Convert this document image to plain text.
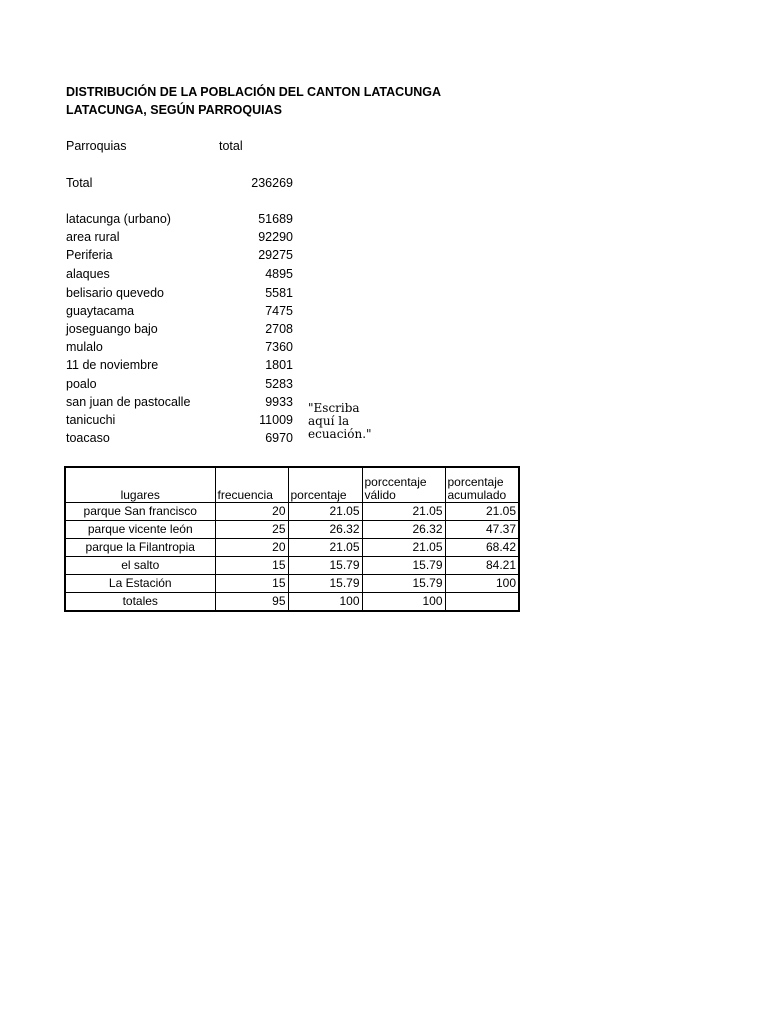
DISTRIBUCIÓN DE LA POBLACIÓN DEL CANTON LATACUNGA
LATACUNGA, SEGÚN PARROQUIAS
Parroquias	total
Total	236269
latacunga (urbano)	51689
area rural	92290
Periferia	29275
alaques	4895
belisario quevedo	5581
guaytacama	7475
joseguango bajo	2708
mulalo	7360
11 de noviembre	1801
poalo	5283
san juan de pastocalle	9933
tanicuchi	11009
toacaso	6970
"Escriba aquí la ecuación."
lugares	frecuencia	porcentaje	porccentaje válido	porcentaje acumulado
parque San francisco	20	21.05	21.05	21.05
parque vicente león	25	26.32	26.32	47.37
parque la Filantropia	20	21.05	21.05	68.42
el salto	15	15.79	15.79	84.21
La Estación	15	15.79	15.79	100
totales	95	100	100	
